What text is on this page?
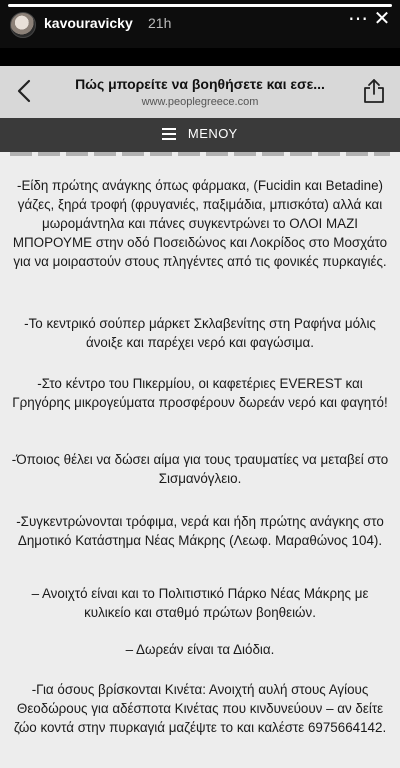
kavouravicky 21h	⋯ ✕
Πώς μπορείτε να βοηθήσετε και εσε...
www.peoplegreece.com
ΜΕΝΟΥ

-Είδη πρώτης ανάγκης όπως φάρμακα, (Fucidin και Betadine) γάζες, ξηρά τροφή (φρυγανιές, παξιμάδια, μπισκότα) αλλά και μωρομάντηλα και πάνες συγκεντρώνει το ΟΛΟΙ ΜΑΖΙ ΜΠΟΡΟΥΜΕ στην οδό Ποσειδώνος και Λοκρίδος στο Μοσχάτο για να μοιραστούν στους πληγέντες από τις φονικές πυρκαγιές.

-Το κεντρικό σούπερ μάρκετ Σκλαβενίτης στη Ραφήνα μόλις άνοιξε και παρέχει νερό και φαγώσιμα.

-Στο κέντρο του Πικερμίου, οι καφετέριες EVEREST και Γρηγόρης μικρογεύματα προσφέρουν δωρεάν νερό και φαγητό!

-Όποιος θέλει να δώσει αίμα για τους τραυματίες να μεταβεί στο Σισμανόγλειο.

-Συγκεντρώνονται τρόφιμα, νερά και ήδη πρώτης ανάγκης στο Δημοτικό Κατάστημα Νέας Μάκρης (Λεωφ. Μαραθώνος 104).

– Ανοιχτό είναι και το Πολιτιστικό Πάρκο Νέας Μάκρης με κυλικείο και σταθμό πρώτων βοηθειών.

– Δωρεάν είναι τα Διόδια.

-Για όσους βρίσκονται Κινέτα: Ανοιχτή αυλή στους Αγίους Θεοδώρους για αδέσποτα Κινέτας που κινδυνεύουν – αν δείτε ζώο κοντά στην πυρκαγιά μαζέψτε το και καλέστε 6975664142.
